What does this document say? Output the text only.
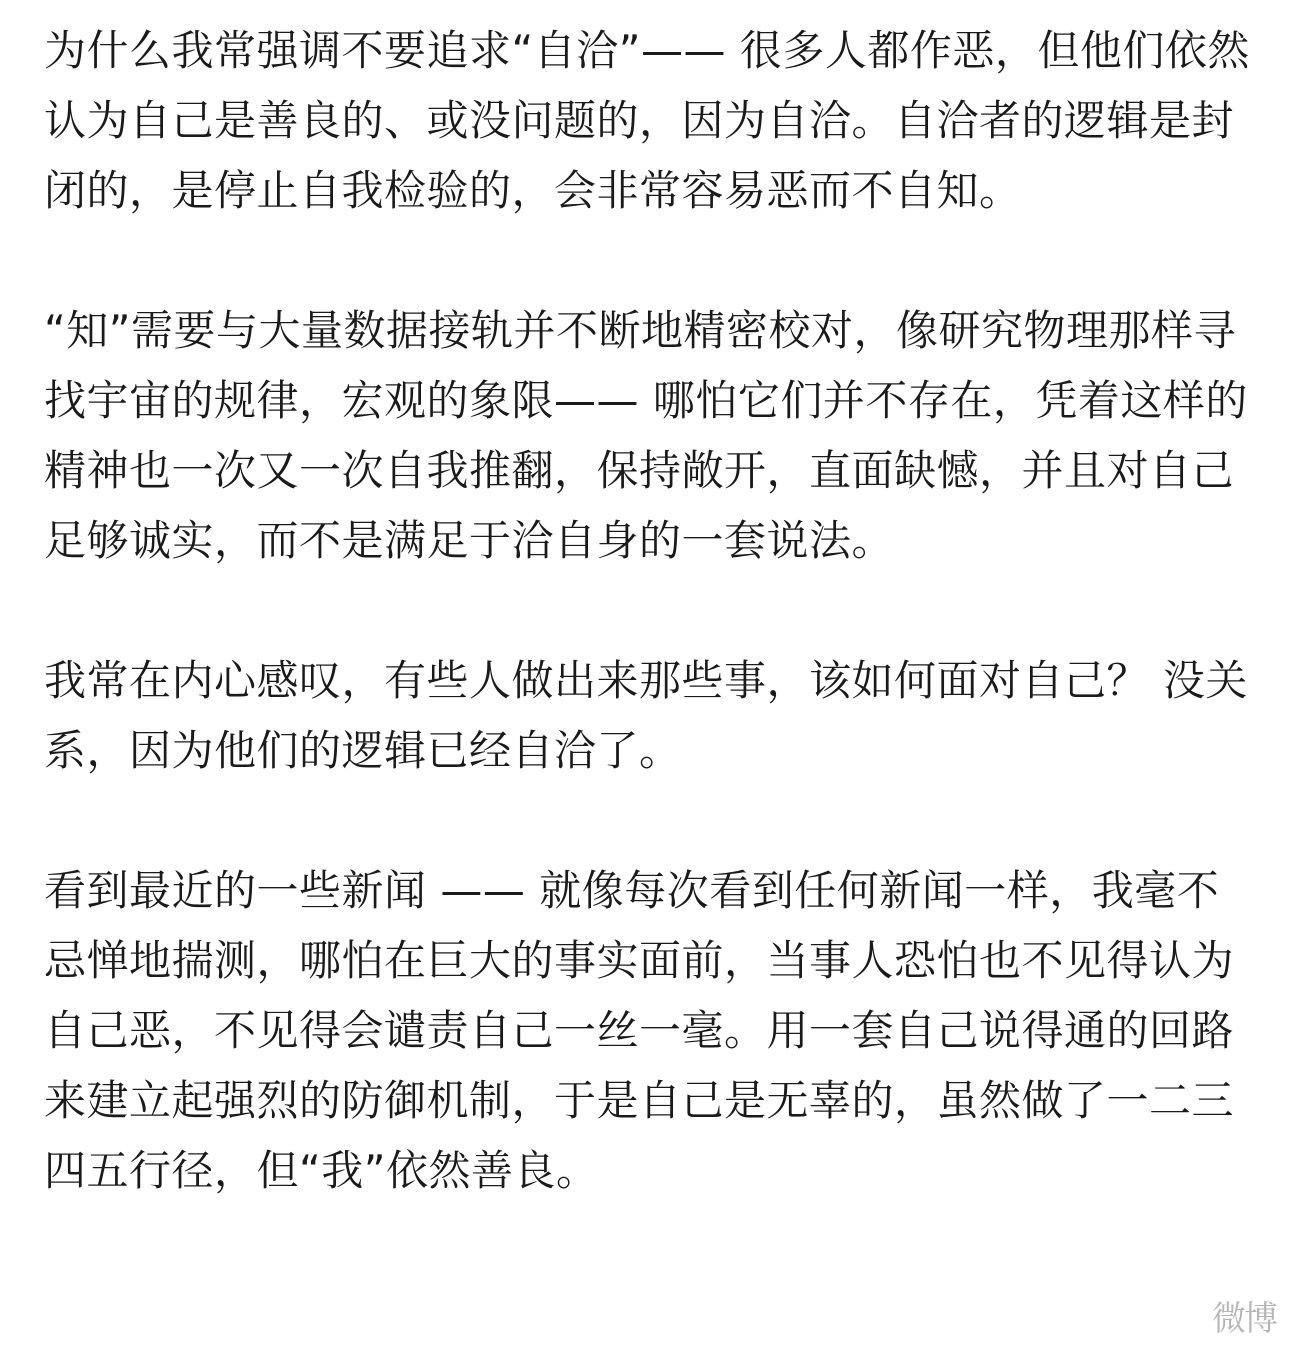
为什么我常强调不要追求“自洽”—— 很多人都作恶，但他们依然认为自己是善良的、或没问题的，因为自洽。自洽者的逻辑是封闭的，是停止自我检验的，会非常容易恶而不自知。

“知”需要与大量数据接轨并不断地精密校对，像研究物理那样寻找宇宙的规律，宏观的象限—— 哪怕它们并不存在，凭着这样的精神也一次又一次自我推翻，保持敞开，直面缺憾，并且对自己足够诚实，而不是满足于洽自身的一套说法。

我常在内心感叹，有些人做出来那些事，该如何面对自己？ 没关系，因为他们的逻辑已经自洽了。

看到最近的一些新闻 —— 就像每次看到任何新闻一样，我毫不忌惮地揣测，哪怕在巨大的事实面前，当事人恐怕也不见得认为自己恶，不见得会谴责自己一丝一毫。用一套自己说得通的回路来建立起强烈的防御机制，于是自己是无辜的，虽然做了一二三四五行径，但“我”依然善良。

微博
